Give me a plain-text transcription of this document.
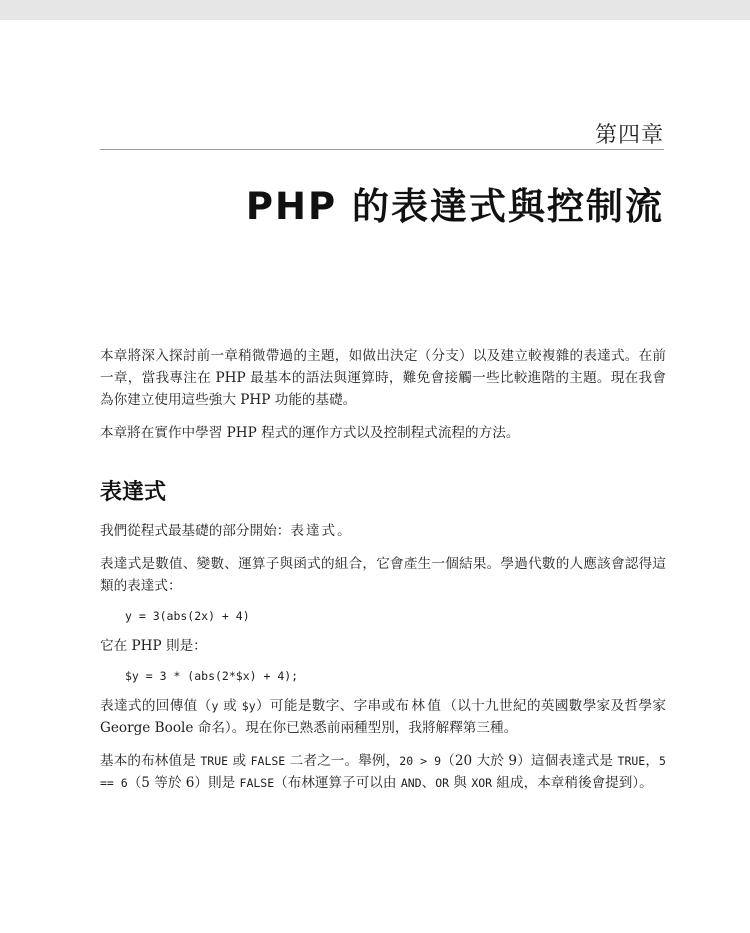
第四章
PHP 的表達式與控制流

本章將深入探討前一章稍微帶過的主題，如做出決定（分支）以及建立較複雜的表達式。在前一章，當我專注在 PHP 最基本的語法與運算時，難免會接觸一些比較進階的主題。現在我會為你建立使用這些強大 PHP 功能的基礎。

本章將在實作中學習 PHP 程式的運作方式以及控制程式流程的方法。

表達式

我們從程式最基礎的部分開始：表達式。

表達式是數值、變數、運算子與函式的組合，它會產生一個結果。學過代數的人應該會認得這類的表達式：

y = 3(abs(2x) + 4)

它在 PHP 則是：

$y = 3 * (abs(2*$x) + 4);

表達式的回傳值（y 或 $y）可能是數字、字串或布林值（以十九世紀的英國數學家及哲學家 George Boole 命名）。現在你已熟悉前兩種型別，我將解釋第三種。

基本的布林值是 TRUE 或 FALSE 二者之一。舉例，20 > 9（20 大於 9）這個表達式是 TRUE，5 == 6（5 等於 6）則是 FALSE（布林運算子可以由 AND、OR 與 XOR 組成，本章稍後會提到）。
